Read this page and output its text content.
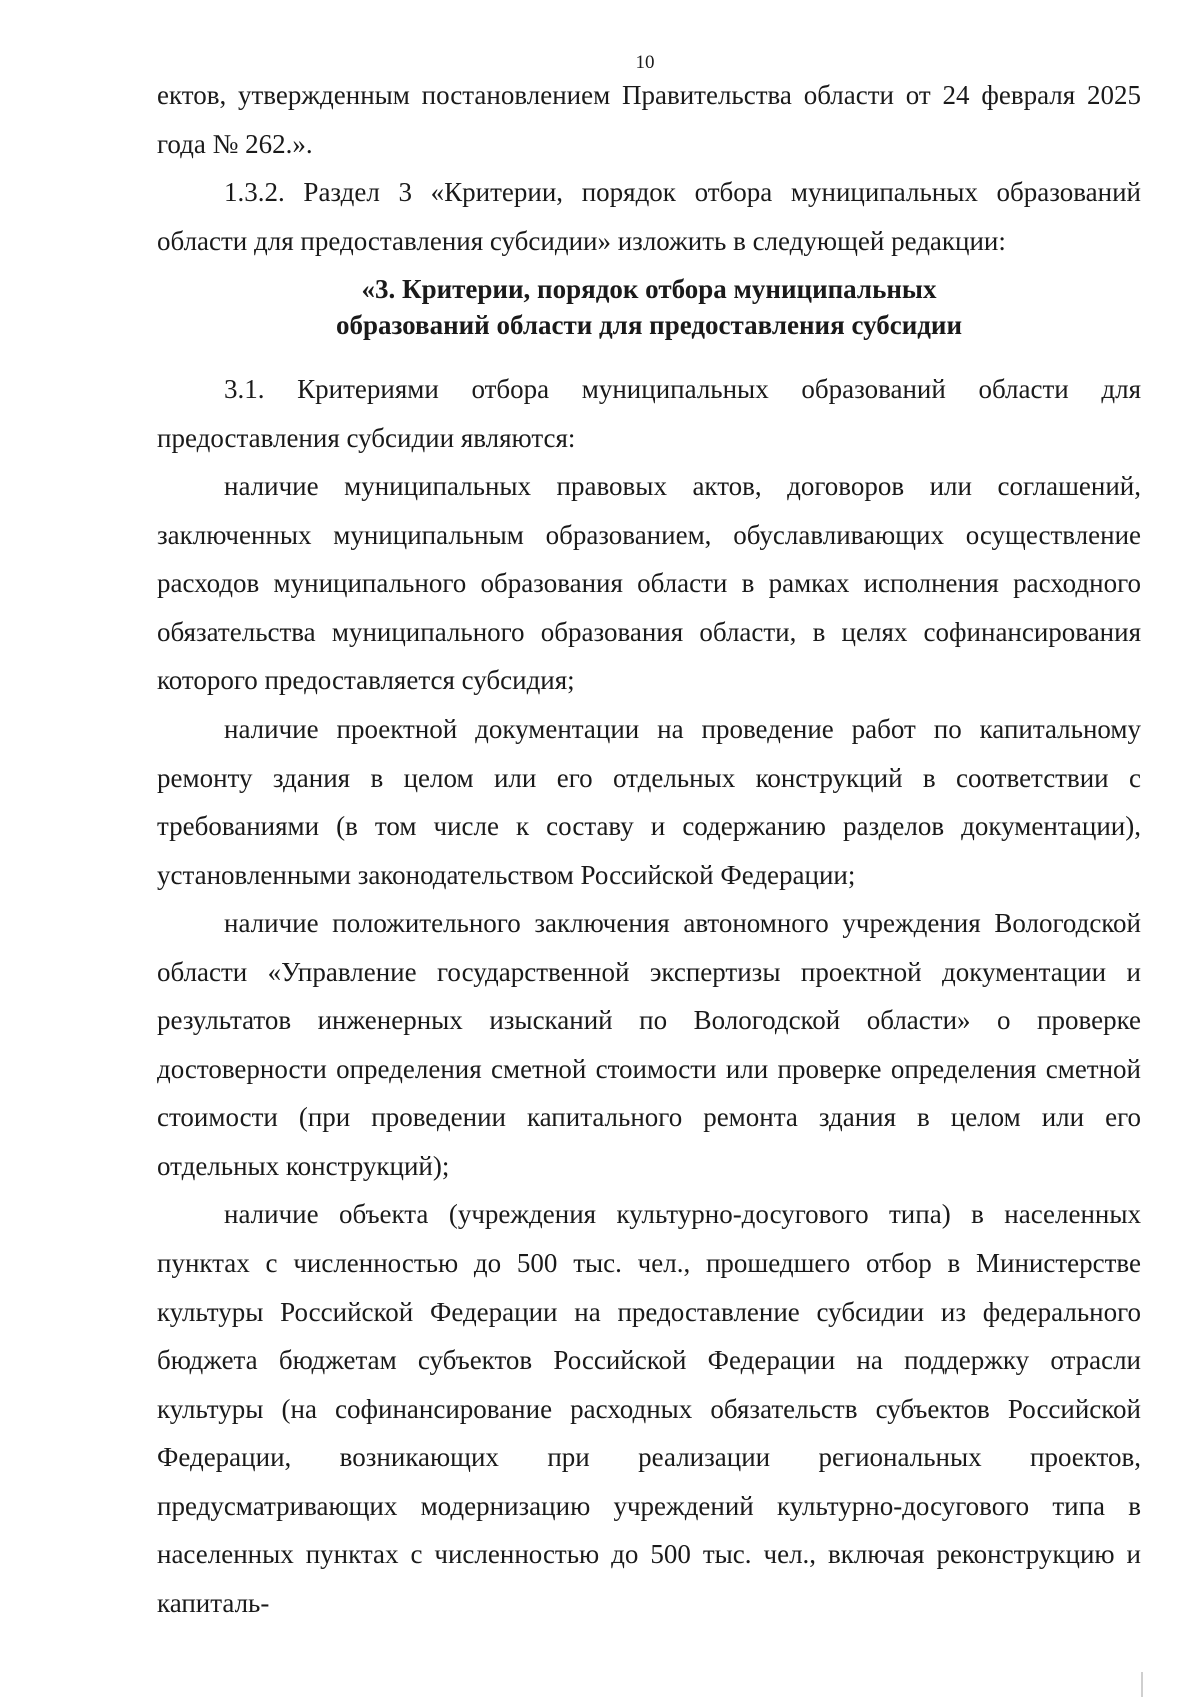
10

ектов, утвержденным постановлением Правительства области от 24 февраля 2025 года № 262.».

1.3.2. Раздел 3 «Критерии, порядок отбора муниципальных образований области для предоставления субсидии» изложить в следующей редакции:

«3. Критерии, порядок отбора муниципальных
образований области для предоставления субсидии

3.1. Критериями отбора муниципальных образований области для предоставления субсидии являются:

наличие муниципальных правовых актов, договоров или соглашений, заключенных муниципальным образованием, обуславливающих осуществление расходов муниципального образования области в рамках исполнения расходного обязательства муниципального образования области, в целях софинансирования которого предоставляется субсидия;

наличие проектной документации на проведение работ по капитальному ремонту здания в целом или его отдельных конструкций в соответствии с требованиями (в том числе к составу и содержанию разделов документации), установленными законодательством Российской Федерации;

наличие положительного заключения автономного учреждения Вологодской области «Управление государственной экспертизы проектной документации и результатов инженерных изысканий по Вологодской области» о проверке достоверности определения сметной стоимости или проверке определения сметной стоимости (при проведении капитального ремонта здания в целом или его отдельных конструкций);

наличие объекта (учреждения культурно-досугового типа) в населенных пунктах с численностью до 500 тыс. чел., прошедшего отбор в Министерстве культуры Российской Федерации на предоставление субсидии из федерального бюджета бюджетам субъектов Российской Федерации на поддержку отрасли культуры (на софинансирование расходных обязательств субъектов Российской Федерации, возникающих при реализации региональных проектов, предусматривающих модернизацию учреждений культурно-досугового типа в населенных пунктах с численностью до 500 тыс. чел., включая реконструкцию и капиталь-
